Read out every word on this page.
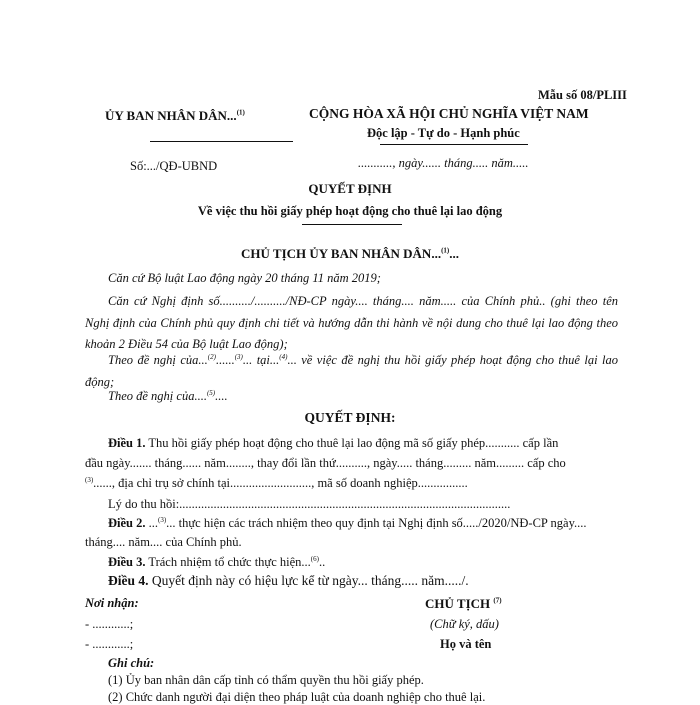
Mẫu số 08/PLIII
ỦY BAN NHÂN DÂN...$^{(1)}$
Số:.../QĐ-UBND
CỘNG HÒA XÃ HỘI CHỦ NGHĨA VIỆT NAM
Độc lập - Tự do - Hạnh phúc
..........., ngày...... tháng..... năm.....
QUYẾT ĐỊNH
Về việc thu hồi giấy phép hoạt động cho thuê lại lao động
CHỦ TỊCH ỦY BAN NHÂN DÂN...$^{(1)}$...
Căn cứ Bộ luật Lao động ngày 20 tháng 11 năm 2019;
Căn cứ Nghị định số........../........../NĐ-CP ngày.... tháng.... năm..... của Chính phủ.. (ghi theo tên Nghị định của Chính phủ quy định chi tiết và hướng dẫn thi hành về nội dung cho thuê lại lao động theo khoản 2 Điều 54 của Bộ luật Lao động);
Theo đề nghị của...$^{(2)}$......$^{(3)}$... tại...$^{(4)}$... về việc đề nghị thu hồi giấy phép hoạt động cho thuê lại lao động;
Theo đề nghị của....$^{(5)}$....
QUYẾT ĐỊNH:
Điều 1. Thu hồi giấy phép hoạt động cho thuê lại lao động mã số giấy phép........... cấp lần
đầu ngày....... tháng...... năm........, thay đổi lần thứ.........., ngày..... tháng......... năm......... cấp cho
$^{(3)}$......, địa chỉ trụ sở chính tại.........................., mã số doanh nghiệp................
Lý do thu hồi:..........................................................................................................
Điều 2. ...$^{(3)}$... thực hiện các trách nhiệm theo quy định tại Nghị định số...../2020/NĐ-CP ngày....
tháng.... năm.... của Chính phủ.
Điều 3. Trách nhiệm tổ chức thực hiện...$^{(6)}$..
Điều 4. Quyết định này có hiệu lực kể từ ngày... tháng..... năm...../.
Nơi nhận:
- ............;
- ............;
CHỦ TỊCH $^{(7)}$
(Chữ ký, dấu)
Họ và tên
Ghi chú:
(1) Ủy ban nhân dân cấp tỉnh có thẩm quyền thu hồi giấy phép.
(2) Chức danh người đại diện theo pháp luật của doanh nghiệp cho thuê lại.
